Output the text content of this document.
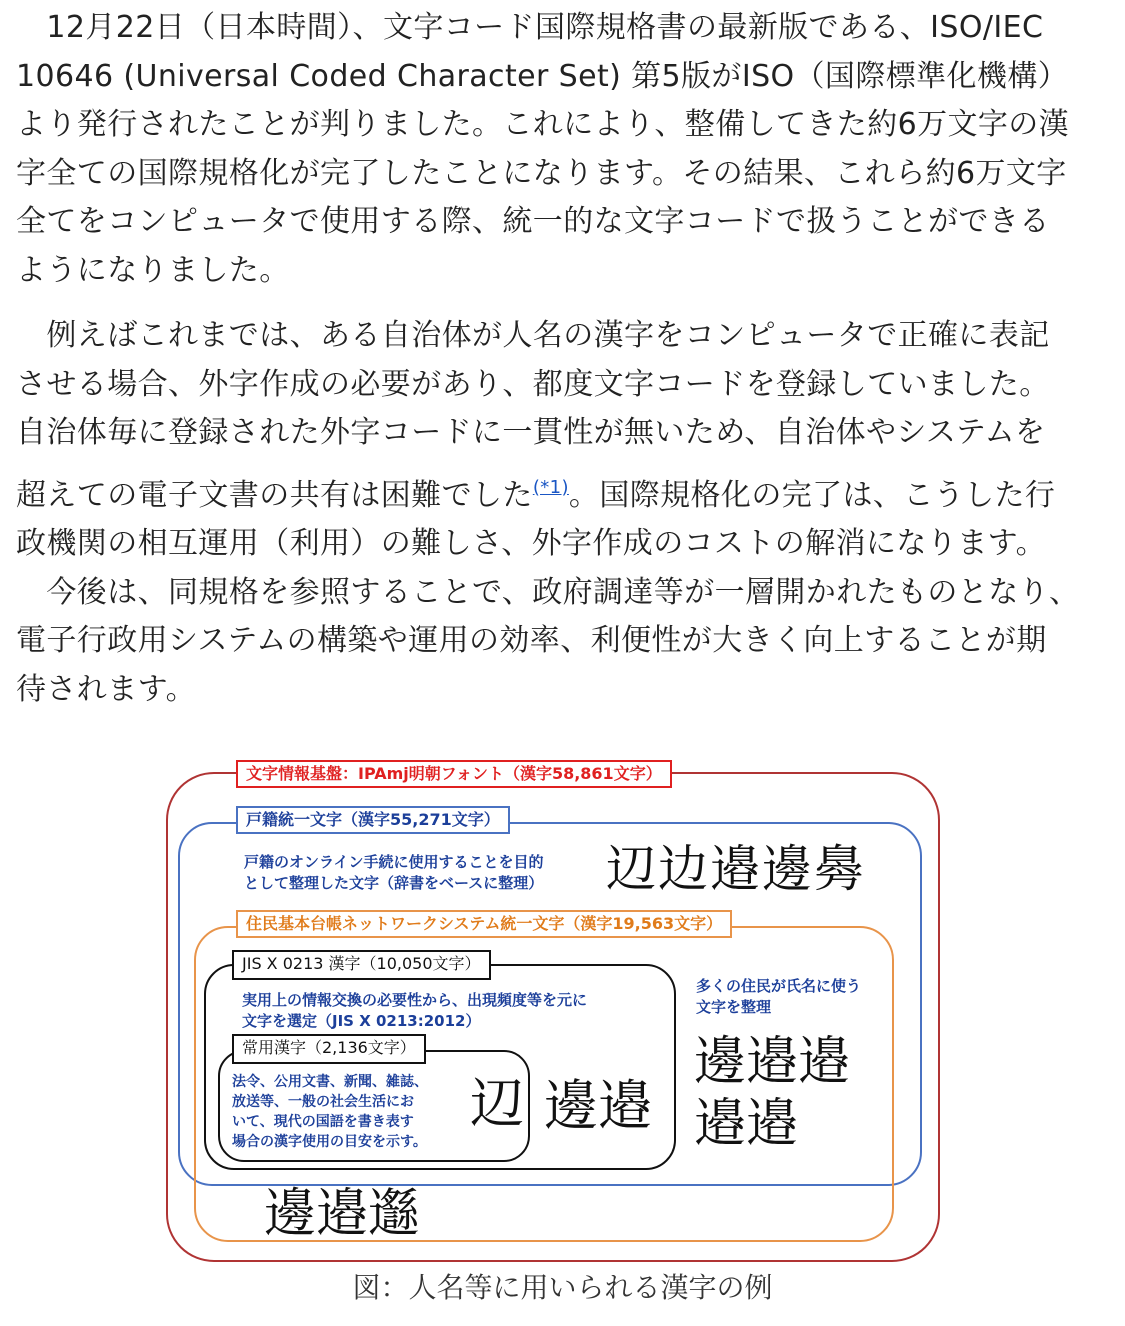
　12月22日（日本時間）、文字コード国際規格書の最新版である、ISO/IEC
10646 (Universal Coded Character Set) 第5版がISO（国際標準化機構）
より発行されたことが判りました。これにより、整備してきた約6万文字の漢
字全ての国際規格化が完了したことになります。その結果、これら約6万文字
全てをコンピュータで使用する際、統一的な文字コードで扱うことができる
ようになりました。
　例えばこれまでは、ある自治体が人名の漢字をコンピュータで正確に表記
させる場合、外字作成の必要があり、都度文字コードを登録していました。
自治体毎に登録された外字コードに一貫性が無いため、自治体やシステムを
超えての電子文書の共有は困難でした$^{(*1)}$。国際規格化の完了は、こうした行
政機関の相互運用（利用）の難しさ、外字作成のコストの解消になります。
　今後は、同規格を参照することで、政府調達等が一層開かれたものとなり、
電子行政用システムの構築や運用の効率、利便性が大きく向上することが期
待されます。
文字情報基盤：IPAmj明朝フォント（漢字58,861文字）
戸籍統一文字（漢字55,271文字）
住民基本台帳ネットワークシステム統一文字（漢字19,563文字）
JIS X 0213 漢字（10,050文字）
常用漢字（2,136文字）
戸籍のオンライン手続に使用することを目的
として整理した文字（辞書をベースに整理）
多くの住民が氏名に使う
文字を整理
実用上の情報交換の必要性から、出現頻度等を元に
文字を選定（JIS X 0213:2012）
法令、公用文書、新聞、雑誌、
放送等、一般の社会生活にお
いて、現代の国語を書き表す
場合の漢字使用の目安を示す。
辺边邉邊臱
邊邉邉
邉邉
邊邉
辺
邊邉邎
図：人名等に用いられる漢字の例
